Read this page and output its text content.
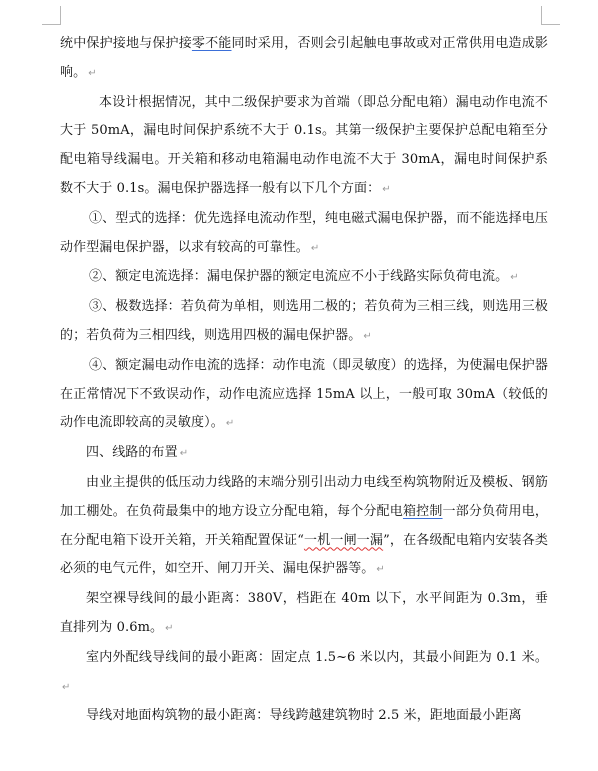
统中保护接地与保护接零不能同时采用，否则会引起触电事故或对正常供用电造成影响。 ↵

本设计根据情况，其中二级保护要求为首端（即总分配电箱）漏电动作电流不大于 50mA，漏电时间保护系统不大于 0.1s。其第一级保护主要保护总配电箱至分配电箱导线漏电。开关箱和移动电箱漏电动作电流不大于 30mA，漏电时间保护系数不大于 0.1s。漏电保护器选择一般有以下几个方面： ↵

①、型式的选择：优先选择电流动作型，纯电磁式漏电保护器，而不能选择电压动作型漏电保护器，以求有较高的可靠性。 ↵

②、额定电流选择：漏电保护器的额定电流应不小于线路实际负荷电流。 ↵

③、极数选择：若负荷为单相，则选用二极的；若负荷为三相三线，则选用三极的；若负荷为三相四线，则选用四极的漏电保护器。 ↵

④、额定漏电动作电流的选择：动作电流（即灵敏度）的选择，为使漏电保护器在正常情况下不致误动作，动作电流应选择 15mA 以上，一般可取 30mA（较低的动作电流即较高的灵敏度）。 ↵

四、线路的布置 ↵

由业主提供的低压动力线路的末端分别引出动力电线至构筑物附近及模板、钢筋加工棚处。在负荷最集中的地方设立分配电箱，每个分配电箱控制一部分负荷用电，在分配电箱下设开关箱，开关箱配置保证“一机一闸一漏”，在各级配电箱内安装各类必须的电气元件，如空开、闸刀开关、漏电保护器等。 ↵

架空裸导线间的最小距离：380V，档距在 40m 以下，水平间距为 0.3m，垂直排列为 0.6m。 ↵

室内外配线导线间的最小距离：固定点 1.5~6 米以内，其最小间距为 0.1 米。 ↵

导线对地面构筑物的最小距离：导线跨越建筑物时 2.5 米，距地面最小距离
